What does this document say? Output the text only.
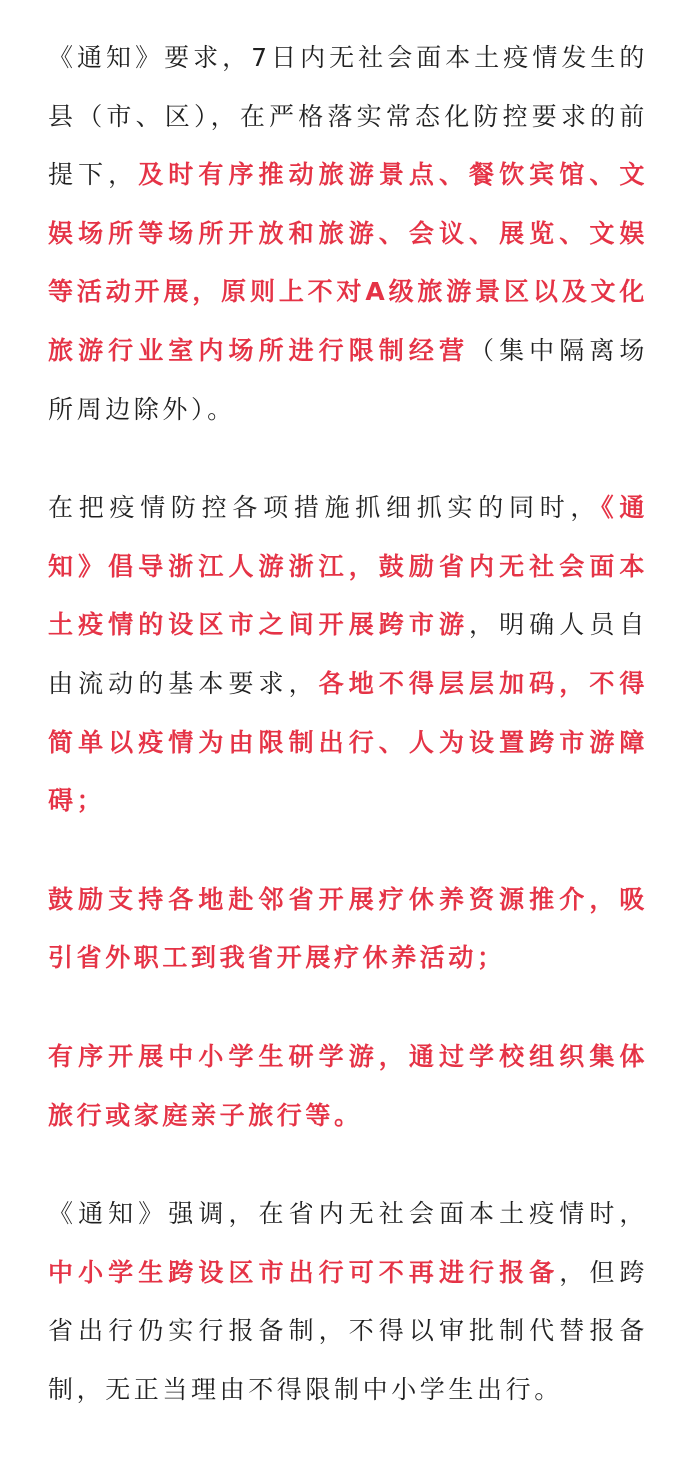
《通知》要求，7日内无社会面本土疫情发生的县（市、区），在严格落实常态化防控要求的前提下，及时有序推动旅游景点、餐饮宾馆、文娱场所等场所开放和旅游、会议、展览、文娱等活动开展，原则上不对A级旅游景区以及文化旅游行业室内场所进行限制经营（集中隔离场所周边除外）。

在把疫情防控各项措施抓细抓实的同时，《通知》倡导浙江人游浙江，鼓励省内无社会面本土疫情的设区市之间开展跨市游，明确人员自由流动的基本要求，各地不得层层加码，不得简单以疫情为由限制出行、人为设置跨市游障碍；

鼓励支持各地赴邻省开展疗休养资源推介，吸引省外职工到我省开展疗休养活动；

有序开展中小学生研学游，通过学校组织集体旅行或家庭亲子旅行等。

《通知》强调，在省内无社会面本土疫情时，中小学生跨设区市出行可不再进行报备，但跨省出行仍实行报备制，不得以审批制代替报备制，无正当理由不得限制中小学生出行。
